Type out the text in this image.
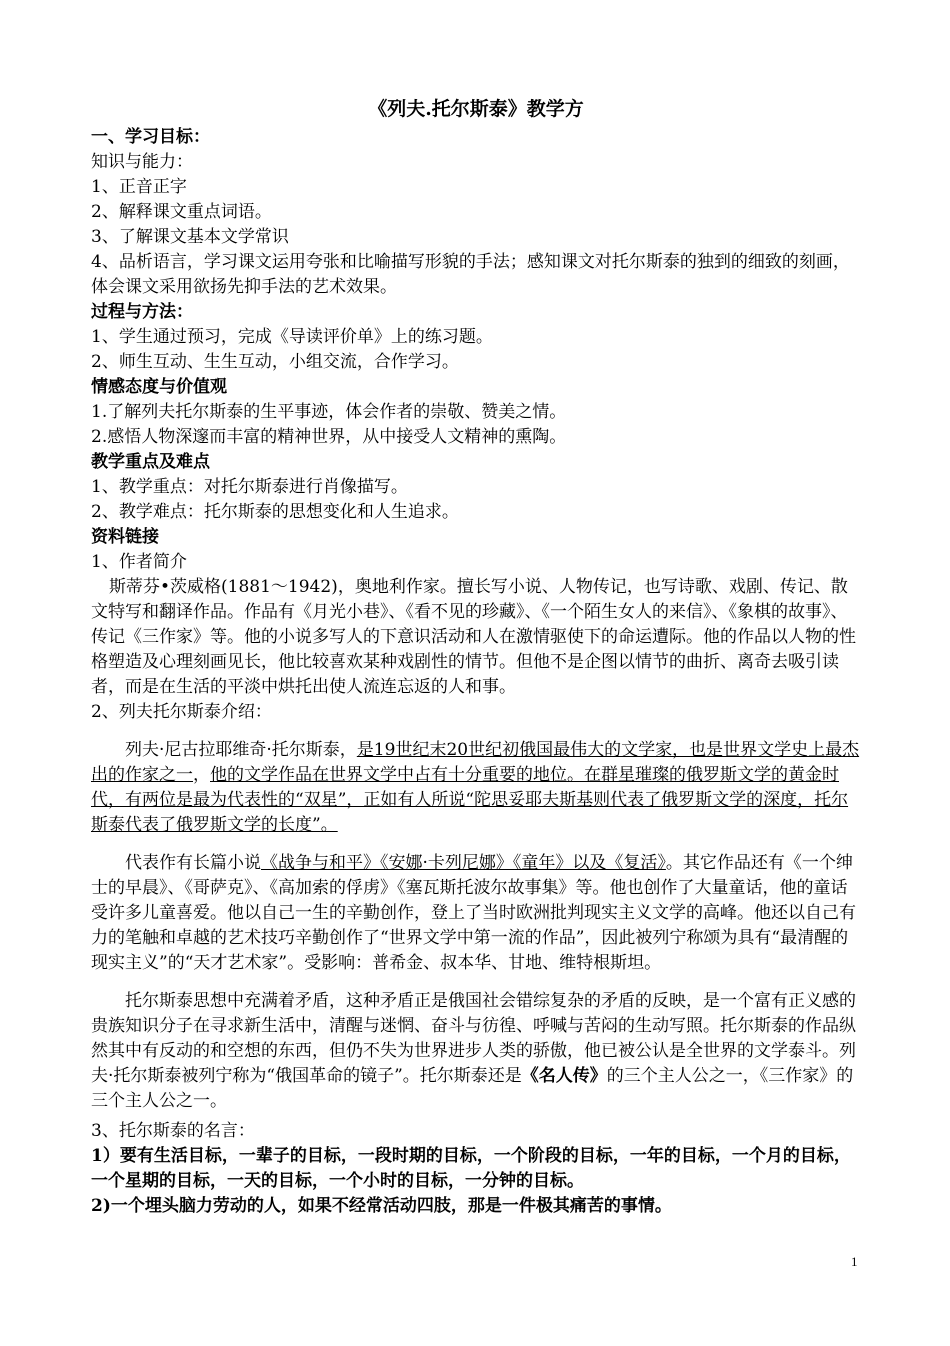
《列夫.托尔斯泰》教学方

一、学习目标：

知识与能力：

1、正音正字

2、解释课文重点词语。

3、了解课文基本文学常识

4、品析语言，学习课文运用夸张和比喻描写形貌的手法；感知课文对托尔斯泰的独到的细致的刻画，体会课文采用欲扬先抑手法的艺术效果。

过程与方法：

1、学生通过预习，完成《导读评价单》上的练习题。

2、师生互动、生生互动，小组交流，合作学习。

情感态度与价值观

1.了解列夫托尔斯泰的生平事迹，体会作者的崇敬、赞美之情。

2.感悟人物深邃而丰富的精神世界，从中接受人文精神的熏陶。

教学重点及难点

1、教学重点：对托尔斯泰进行肖像描写。

2、教学难点：托尔斯泰的思想变化和人生追求。

资料链接

1、作者简介

斯蒂芬•茨威格(1881～1942)，奥地利作家。擅长写小说、人物传记，也写诗歌、戏剧、传记、散文特写和翻译作品。作品有《月光小巷》、《看不见的珍藏》、《一个陌生女人的来信》、《象棋的故事》、传记《三作家》等。他的小说多写人的下意识活动和人在激情驱使下的命运遭际。他的作品以人物的性格塑造及心理刻画见长，他比较喜欢某种戏剧性的情节。但他不是企图以情节的曲折、离奇去吸引读者，而是在生活的平淡中烘托出使人流连忘返的人和事。

2、列夫托尔斯泰介绍：

列夫·尼古拉耶维奇·托尔斯泰，是19世纪末20世纪初俄国最伟大的文学家，也是世界文学史上最杰出的作家之一，他的文学作品在世界文学中占有十分重要的地位。在群星璀璨的俄罗斯文学的黄金时代，有两位是最为代表性的“双星”，正如有人所说“陀思妥耶夫斯基则代表了俄罗斯文学的深度，托尔斯泰代表了俄罗斯文学的长度”。

代表作有长篇小说《战争与和平》《安娜·卡列尼娜》《童年》以及《复活》。其它作品还有《一个绅士的早晨》、《哥萨克》、《高加索的俘虏》《塞瓦斯托波尔故事集》等。他也创作了大量童话，他的童话受许多儿童喜爱。他以自己一生的辛勤创作，登上了当时欧洲批判现实主义文学的高峰。他还以自己有力的笔触和卓越的艺术技巧辛勤创作了“世界文学中第一流的作品”，因此被列宁称颂为具有“最清醒的现实主义”的“天才艺术家”。受影响：普希金、叔本华、甘地、维特根斯坦。

托尔斯泰思想中充满着矛盾，这种矛盾正是俄国社会错综复杂的矛盾的反映，是一个富有正义感的贵族知识分子在寻求新生活中，清醒与迷惘、奋斗与彷徨、呼喊与苦闷的生动写照。托尔斯泰的作品纵然其中有反动的和空想的东西，但仍不失为世界进步人类的骄傲，他已被公认是全世界的文学泰斗。列夫·托尔斯泰被列宁称为“俄国革命的镜子”。托尔斯泰还是《名人传》的三个主人公之一，《三作家》的三个主人公之一。

3、托尔斯泰的名言：

1）要有生活目标，一辈子的目标，一段时期的目标，一个阶段的目标，一年的目标，一个月的目标，一个星期的目标，一天的目标，一个小时的目标，一分钟的目标。

2)一个埋头脑力劳动的人，如果不经常活动四肢，那是一件极其痛苦的事情。

1
